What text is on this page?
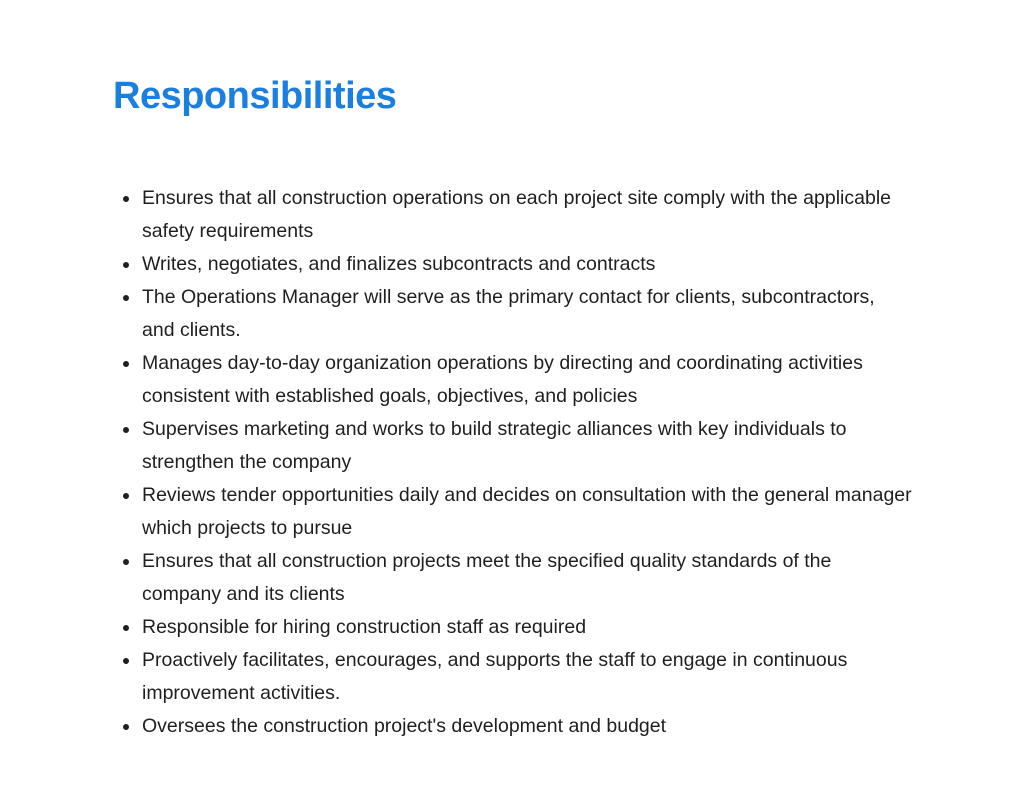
Responsibilities
Ensures that all construction operations on each project site comply with the applicable safety requirements
Writes, negotiates, and finalizes subcontracts and contracts
The Operations Manager will serve as the primary contact for clients, subcontractors, and clients.
Manages day-to-day organization operations by directing and coordinating activities consistent with established goals, objectives, and policies
Supervises marketing and works to build strategic alliances with key individuals to strengthen the company
Reviews tender opportunities daily and decides on consultation with the general manager which projects to pursue
Ensures that all construction projects meet the specified quality standards of the company and its clients
Responsible for hiring construction staff as required
Proactively facilitates, encourages, and supports the staff to engage in continuous improvement activities.
Oversees the construction project's development and budget
